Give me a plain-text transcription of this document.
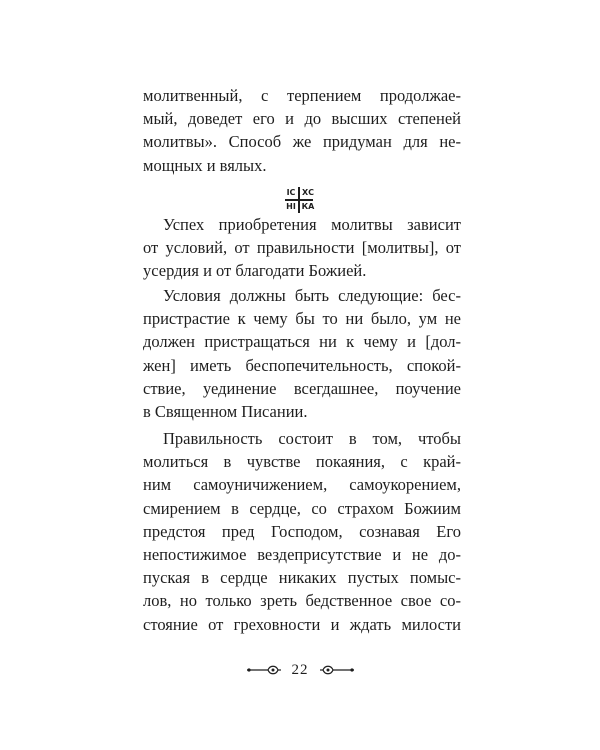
молитвенный, с терпением продолжае-
мый, доведет его и до высших степеней
молитвы». Способ же придуман для не-
мощных и вялых.
IС ХС
НI КА
Успех приобретения молитвы зависит
от условий, от правильности [молитвы], от
усердия и от благодати Божией.
Условия должны быть следующие: бес-
пристрастие к чему бы то ни было, ум не
должен пристращаться ни к чему и [дол-
жен] иметь беспопечительность, спокой-
ствие, уединение всегдашнее, поучение
в Священном Писании.
Правильность состоит в том, чтобы
молиться в чувстве покаяния, с край-
ним самоуничижением, самоукорением,
смирением в сердце, со страхом Божиим
предстоя пред Господом, сознавая Его
непостижимое вездеприсутствие и не до-
пуская в сердце никаких пустых помыс-
лов, но только зреть бедственное свое со-
стояние от греховности и ждать милости
22
